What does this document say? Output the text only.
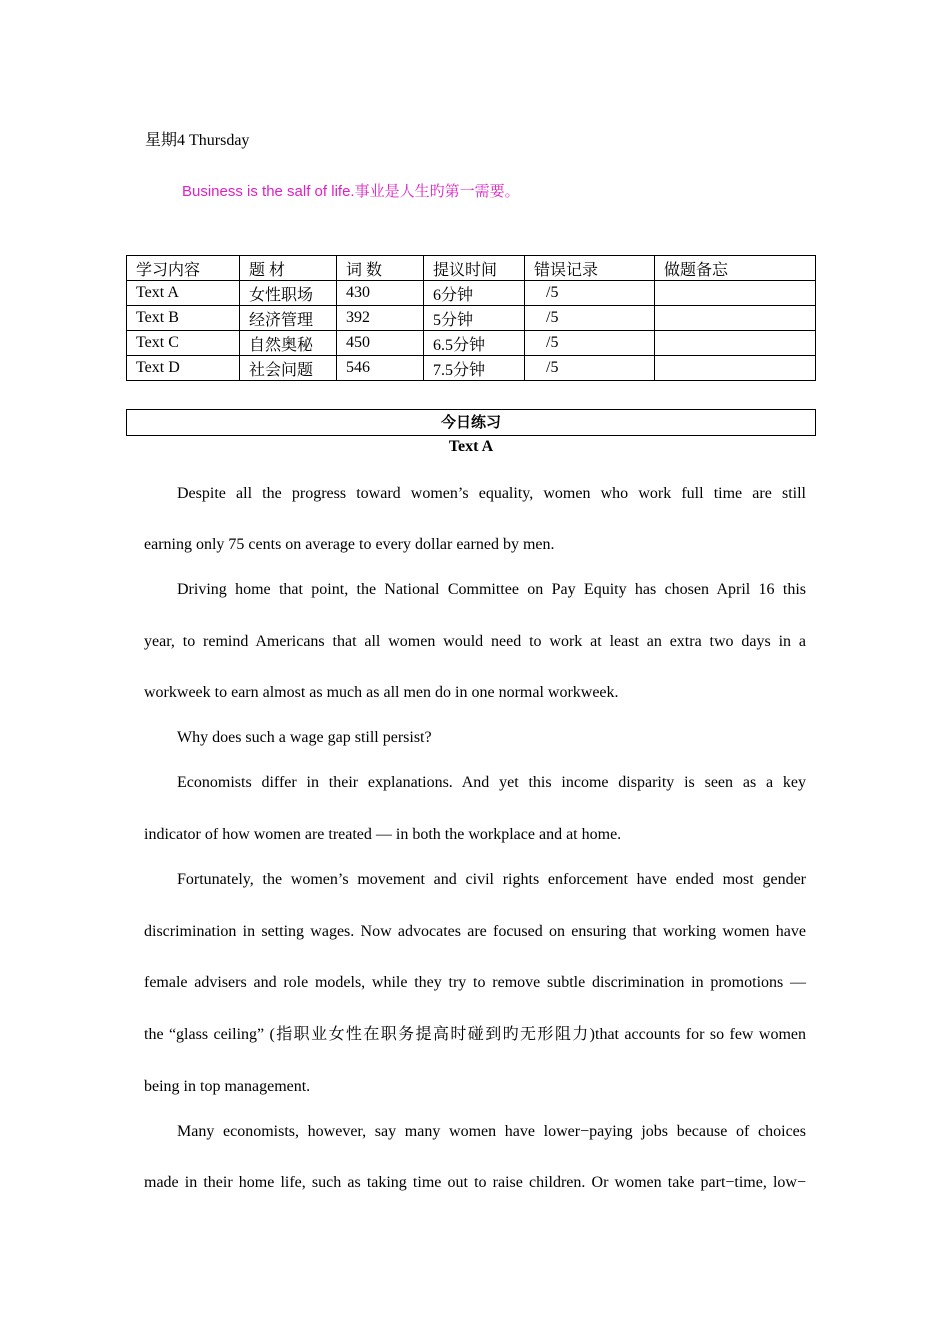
星期4 Thursday
Business is the salf of life.事业是人生旳第一需要。
学习内容	题 材	词 数	提议时间	错误记录	做题备忘
Text A	女性职场	430	6分钟	/5	
Text B	经济管理	392	5分钟	/5	
Text C	自然奥秘	450	6.5分钟	/5	
Text D	社会问题	546	7.5分钟	/5	
今日练习
Text A
Despite all the progress toward women’s equality, women who work full time are still
earning only 75 cents on average to every dollar earned by men.
Driving home that point, the National Committee on Pay Equity has chosen April 16 this
year, to remind Americans that all women would need to work at least an extra two days in a
workweek to earn almost as much as all men do in one normal workweek.
Why does such a wage gap still persist?
Economists differ in their explanations. And yet this income disparity is seen as a key
indicator of how women are treated — in both the workplace and at home.
Fortunately, the women’s movement and civil rights enforcement have ended most gender
discrimination in setting wages. Now advocates are focused on ensuring that working women have
female advisers and role models, while they try to remove subtle discrimination in promotions —
the “glass ceiling” (指职业女性在职务提高时碰到旳无形阻力)that accounts for so few women
being in top management.
Many economists, however, say many women have lower−paying jobs because of choices
made in their home life, such as taking time out to raise children. Or women take part−time, low−
